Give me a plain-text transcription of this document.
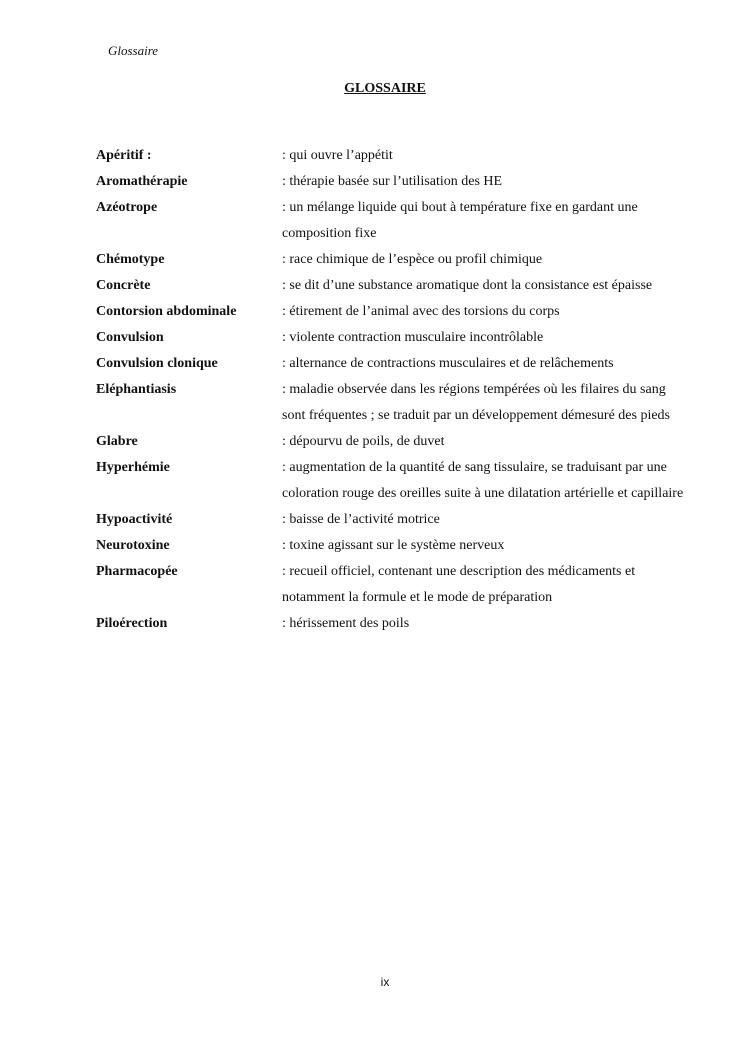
Glossaire
GLOSSAIRE
Apéritif :	: qui ouvre l’appétit
Aromathérapie	: thérapie basée sur l’utilisation des HE
Azéotrope	: un mélange liquide qui bout à température fixe en gardant une composition fixe
Chémotype	: race chimique de l’espèce ou profil chimique
Concrète	: se dit d’une substance aromatique dont la consistance est épaisse
Contorsion abdominale	: étirement de l’animal avec des torsions du corps
Convulsion	: violente contraction musculaire incontrôlable
Convulsion clonique	: alternance de contractions musculaires et de relâchements
Eléphantiasis	: maladie observée dans les régions tempérées où les filaires du sang sont fréquentes ; se traduit par un développement démesuré des pieds
Glabre	: dépourvu de poils, de duvet
Hyperhémie	: augmentation de la quantité de sang tissulaire, se traduisant par une coloration rouge des oreilles suite à une dilatation artérielle et capillaire
Hypoactivité	: baisse de l’activité motrice
Neurotoxine	: toxine agissant sur le système nerveux
Pharmacopée	: recueil officiel, contenant une description des médicaments et notamment la formule et le mode de préparation
Piloérection	: hérissement des poils
ix
